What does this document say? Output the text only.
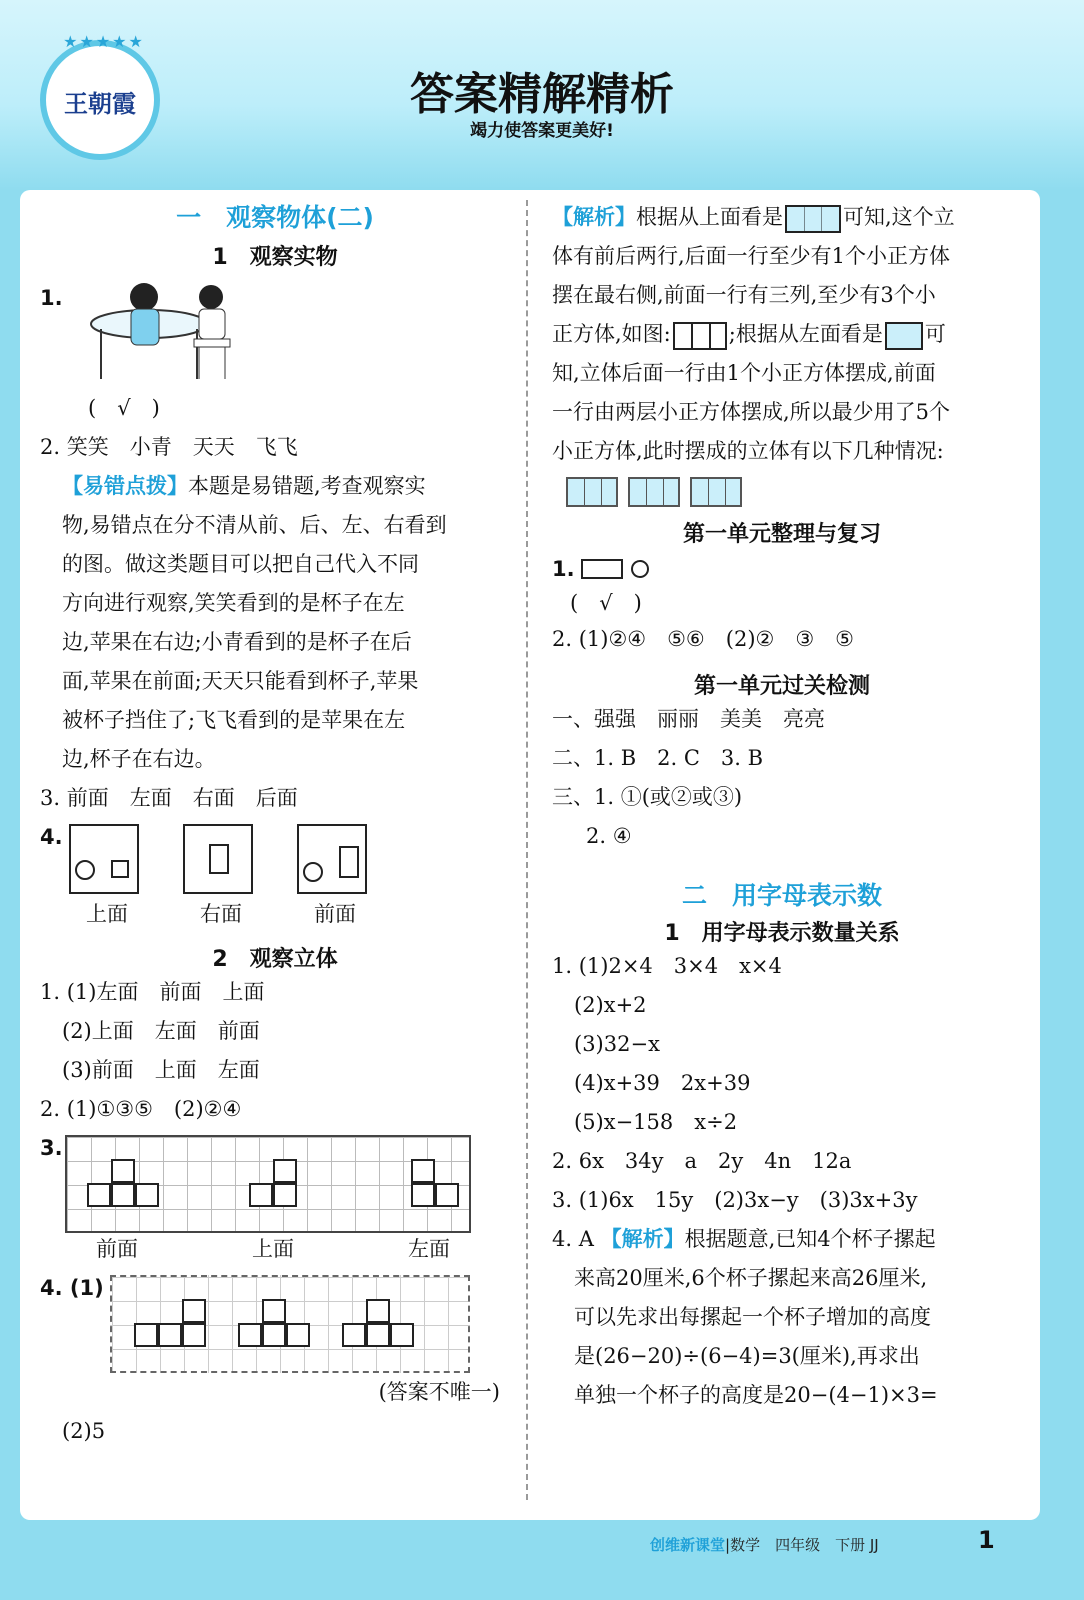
★★★★★
王朝霞	答案精解精析
竭力使答案更美好!
一　观察物体(二)
1　观察实物
1.
(　√　)
2. 笑笑　小青　天天　飞飞
【易错点拨】本题是易错题,考查观察实
物,易错点在分不清从前、后、左、右看到
的图。做这类题目可以把自己代入不同
方向进行观察,笑笑看到的是杯子在左
边,苹果在右边;小青看到的是杯子在后
面,苹果在前面;天天只能看到杯子,苹果
被杯子挡住了;飞飞看到的是苹果在左
边,杯子在右边。
3. 前面　左面　右面　后面
4.
上面	右面	前面
2　观察立体
1. (1)左面　前面　上面
(2)上面　左面　前面
(3)前面　上面　左面
2. (1)①③⑤　(2)②④
3.
前面	上面	左面
4. (1)
(答案不唯一)
(2)5
【解析】根据从上面看是	可知,这个立
体有前后两行,后面一行至少有1个小正方体
摆在最右侧,前面一行有三列,至少有3个小
正方体,如图:	;根据从左面看是 可
知,立体后面一行由1个小正方体摆成,前面
一行由两层小正方体摆成,所以最少用了5个
小正方体,此时摆成的立体有以下几种情况:
第一单元整理与复习
1.
(　√　)
2. (1)②④　⑤⑥　(2)②　③　⑤
第一单元过关检测
一、强强　丽丽　美美　亮亮
二、1. B　2. C　3. B
三、1. ①(或②或③)
2. ④
二　用字母表示数
1　用字母表示数量关系
1. (1)2×4　3×4　x×4
(2)x+2
(3)32−x
(4)x+39　2x+39
(5)x−158　x÷2
2. 6x　34y　a　2y　4n　12a
3. (1)6x　15y　(2)3x−y　(3)3x+3y
4. A 【解析】根据题意,已知4个杯子摞起
来高20厘米,6个杯子摞起来高26厘米,
可以先求出每摞起一个杯子增加的高度
是(26−20)÷(6−4)=3(厘米),再求出
单独一个杯子的高度是20−(4−1)×3=
创维新课堂|数学　四年级　下册 JJ	1
